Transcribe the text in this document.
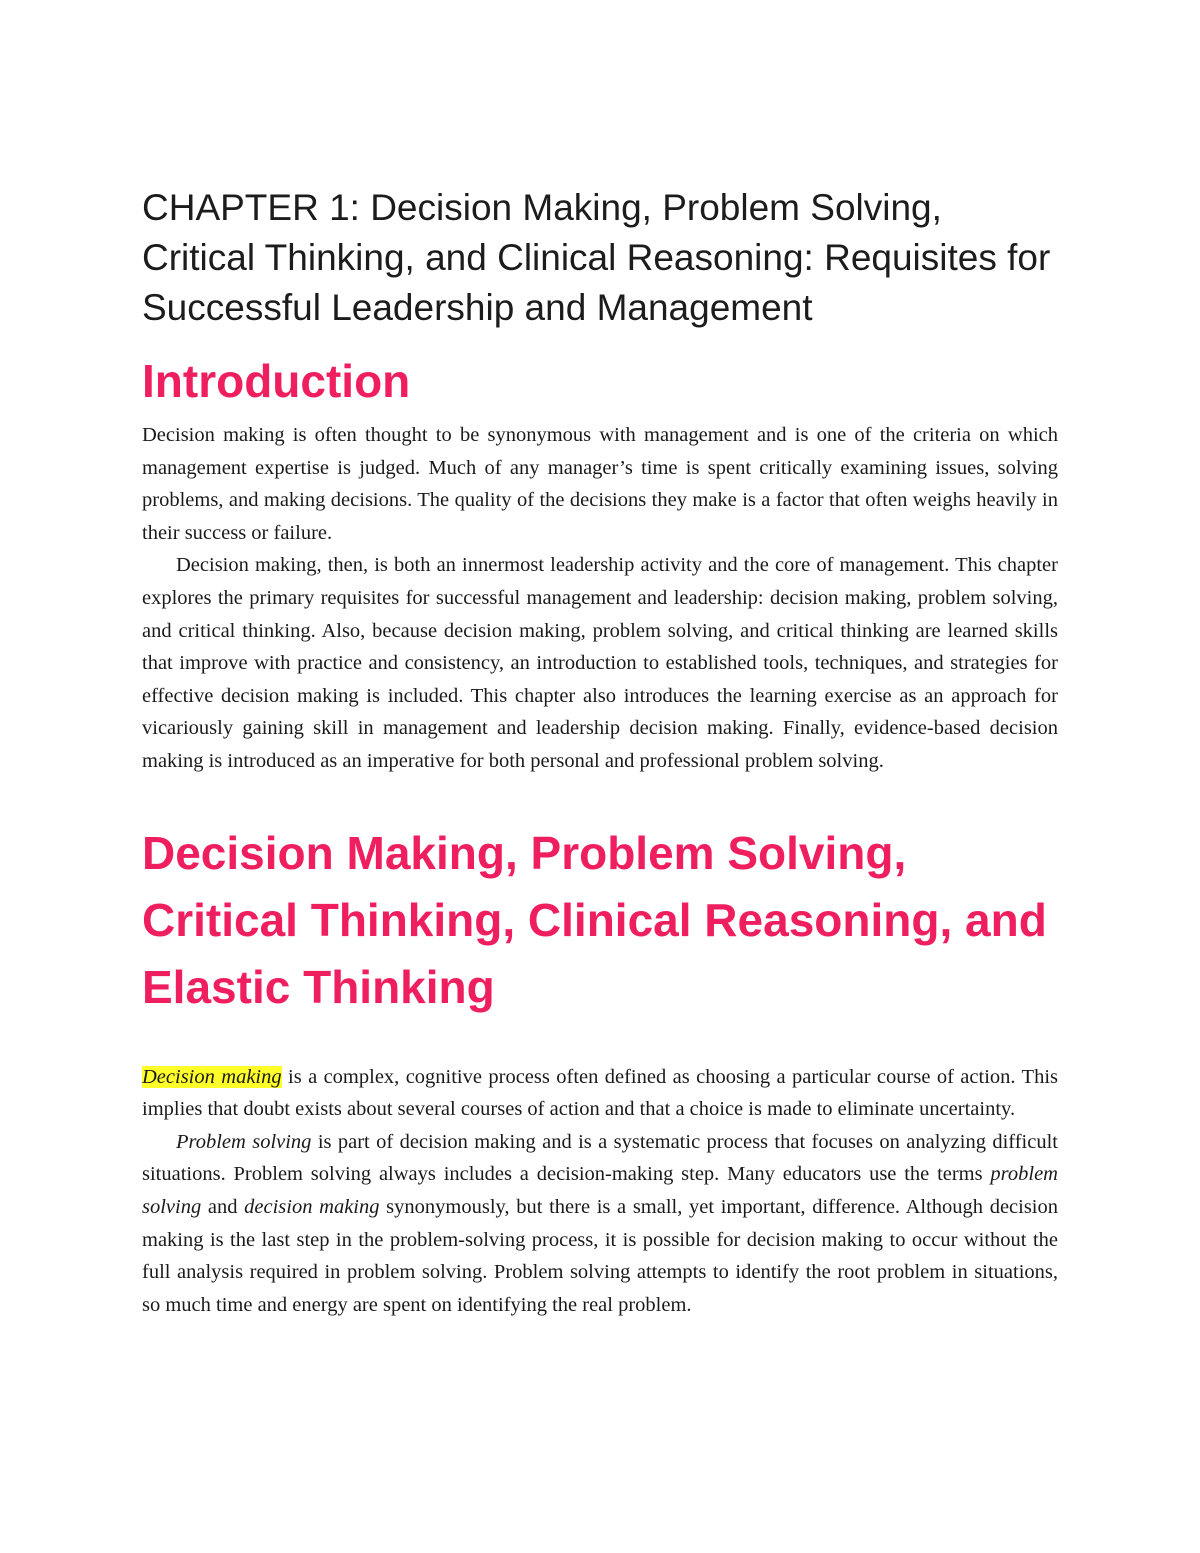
CHAPTER 1: Decision Making, Problem Solving, Critical Thinking, and Clinical Reasoning: Requisites for Successful Leadership and Management
Introduction

Decision making is often thought to be synonymous with management and is one of the criteria on which management expertise is judged. Much of any manager’s time is spent critically examining issues, solving problems, and making decisions. The quality of the decisions they make is a factor that often weighs heavily in their success or failure.

Decision making, then, is both an innermost leadership activity and the core of management. This chapter explores the primary requisites for successful management and leadership: decision making, problem solving, and critical thinking. Also, because decision making, problem solving, and critical thinking are learned skills that improve with practice and consistency, an introduction to established tools, techniques, and strategies for effective decision making is included. This chapter also introduces the learning exercise as an approach for vicariously gaining skill in management and leadership decision making. Finally, evidence-based decision making is introduced as an imperative for both personal and professional problem solving.

Decision Making, Problem Solving, Critical Thinking, Clinical Reasoning, and Elastic Thinking

Decision making is a complex, cognitive process often defined as choosing a particular course of action. This implies that doubt exists about several courses of action and that a choice is made to eliminate uncertainty.

Problem solving is part of decision making and is a systematic process that focuses on analyzing difficult situations. Problem solving always includes a decision-making step. Many educators use the terms problem solving and decision making synonymously, but there is a small, yet important, difference. Although decision making is the last step in the problem-solving process, it is possible for decision making to occur without the full analysis required in problem solving. Problem solving attempts to identify the root problem in situations, so much time and energy are spent on identifying the real problem.
